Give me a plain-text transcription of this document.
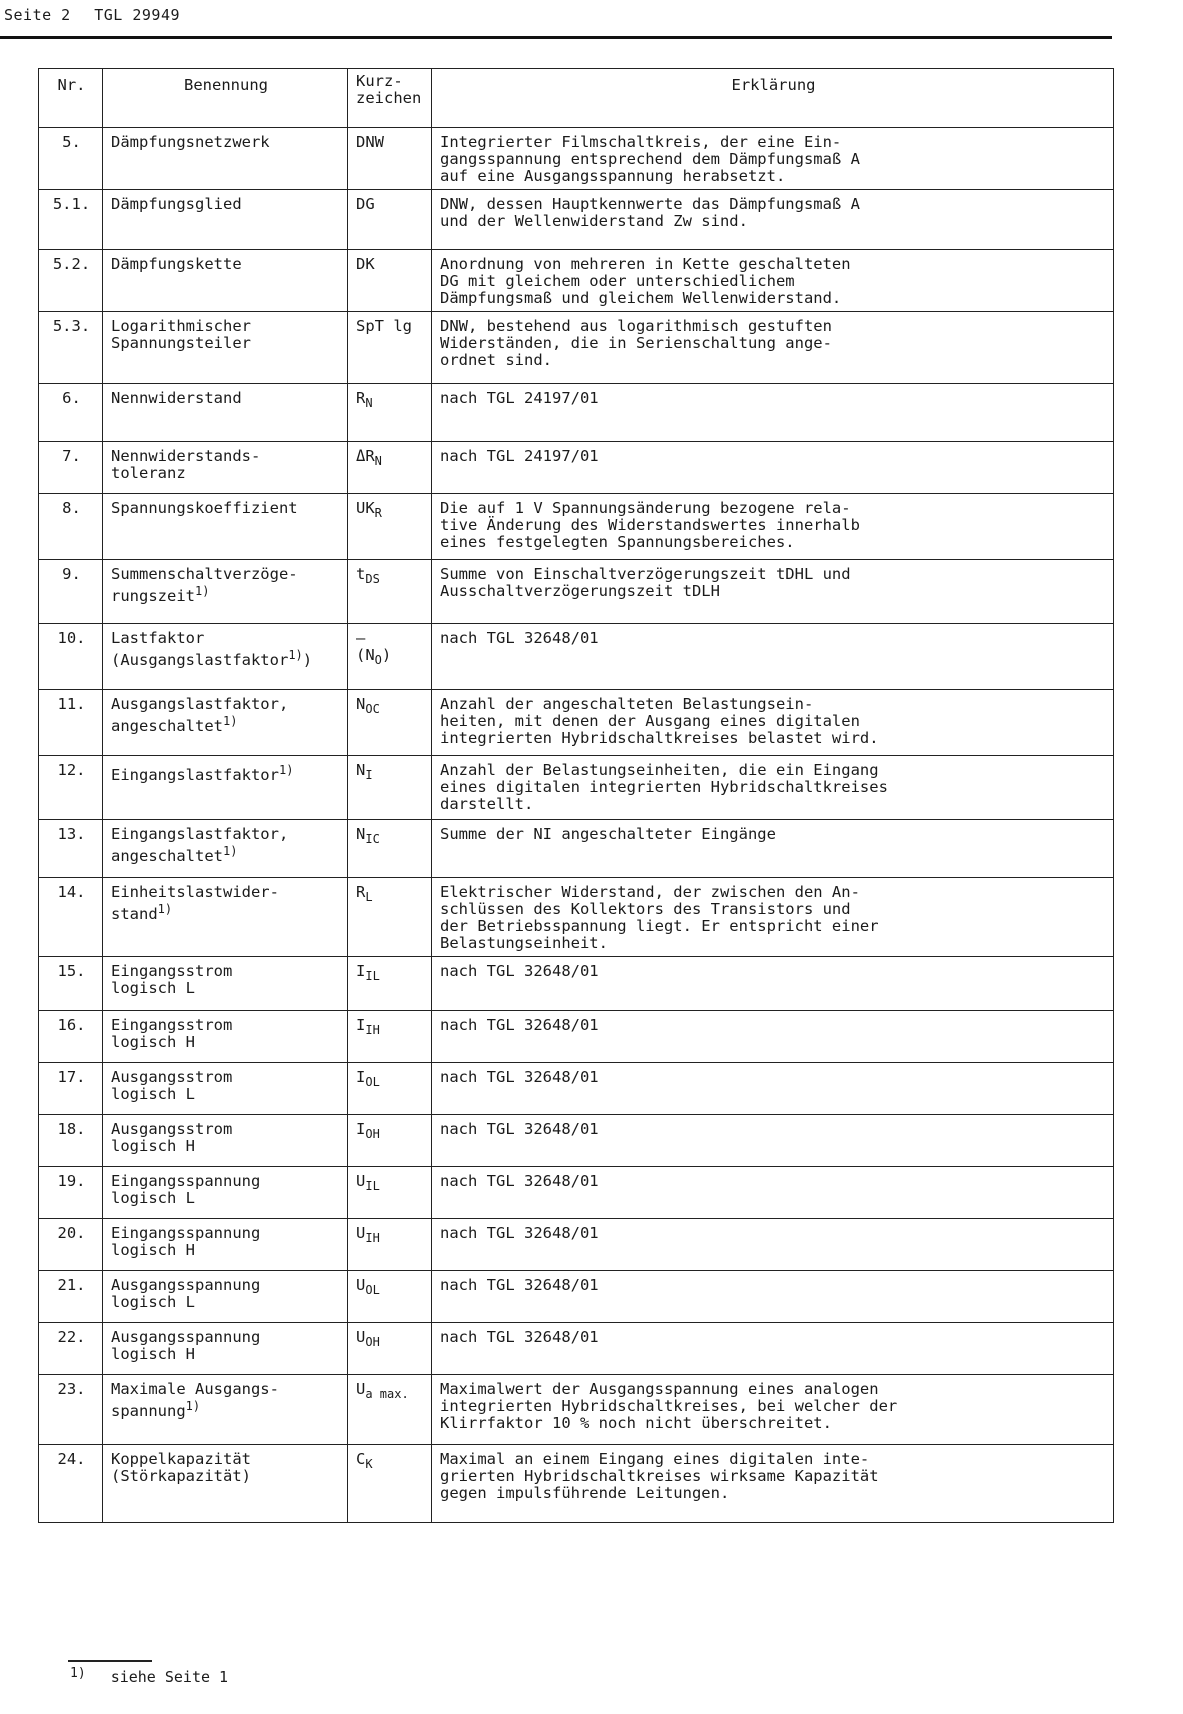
Seite 2 TGL 29949
Nr.	Benennung	Kurz-
zeichen	Erklärung
5.	Dämpfungsnetzwerk	DNW	Integrierter Filmschaltkreis, der eine Ein-
gangsspannung entsprechend dem Dämpfungsmaß A
auf eine Ausgangsspannung herabsetzt.
5.1.	Dämpfungsglied	DG	DNW, dessen Hauptkennwerte das Dämpfungsmaß A
und der Wellenwiderstand Zw sind.
5.2.	Dämpfungskette	DK	Anordnung von mehreren in Kette geschalteten
DG mit gleichem oder unterschiedlichem
Dämpfungsmaß und gleichem Wellenwiderstand.
5.3.	Logarithmischer
Spannungsteiler	SpT lg	DNW, bestehend aus logarithmisch gestuften
Widerständen, die in Serienschaltung ange-
ordnet sind.
6.	Nennwiderstand	$R_N$	nach TGL 24197/01
7.	Nennwiderstands-
toleranz	$\Delta R_N$	nach TGL 24197/01
8.	Spannungskoeffizient	$UK_R$	Die auf 1 V Spannungsänderung bezogene rela-
tive Änderung des Widerstandswertes innerhalb
eines festgelegten Spannungsbereiches.
9.	Summenschaltverzöge-
rungszeit$^{1)}$	$t_{DS}$	Summe von Einschaltverzögerungszeit tDHL und
Ausschaltverzögerungszeit tDLH
10.	Lastfaktor
(Ausgangslastfaktor$^{1)}$)	–
$(N_O)$	nach TGL 32648/01
11.	Ausgangslastfaktor,
angeschaltet$^{1)}$	$N_{OC}$	Anzahl der angeschalteten Belastungsein-
heiten, mit denen der Ausgang eines digitalen
integrierten Hybridschaltkreises belastet wird.
12.	Eingangslastfaktor$^{1)}$	$N_I$	Anzahl der Belastungseinheiten, die ein Eingang
eines digitalen integrierten Hybridschaltkreises
darstellt.
13.	Eingangslastfaktor,
angeschaltet$^{1)}$	$N_{IC}$	Summe der NI angeschalteter Eingänge
14.	Einheitslastwider-
stand$^{1)}$	$R_L$	Elektrischer Widerstand, der zwischen den An-
schlüssen des Kollektors des Transistors und
der Betriebsspannung liegt. Er entspricht einer
Belastungseinheit.
15.	Eingangsstrom
logisch L	$I_{IL}$	nach TGL 32648/01
16.	Eingangsstrom
logisch H	$I_{IH}$	nach TGL 32648/01
17.	Ausgangsstrom
logisch L	$I_{OL}$	nach TGL 32648/01
18.	Ausgangsstrom
logisch H	$I_{OH}$	nach TGL 32648/01
19.	Eingangsspannung
logisch L	$U_{IL}$	nach TGL 32648/01
20.	Eingangsspannung
logisch H	$U_{IH}$	nach TGL 32648/01
21.	Ausgangsspannung
logisch L	$U_{OL}$	nach TGL 32648/01
22.	Ausgangsspannung
logisch H	$U_{OH}$	nach TGL 32648/01
23.	Maximale Ausgangs-
spannung$^{1)}$	$U_{a max.}$	Maximalwert der Ausgangsspannung eines analogen
integrierten Hybridschaltkreises, bei welcher der
Klirrfaktor 10 % noch nicht überschreitet.
24.	Koppelkapazität
(Störkapazität)	$C_K$	Maximal an einem Eingang eines digitalen inte-
grierten Hybridschaltkreises wirksame Kapazität
gegen impulsführende Leitungen.
1) siehe Seite 1
